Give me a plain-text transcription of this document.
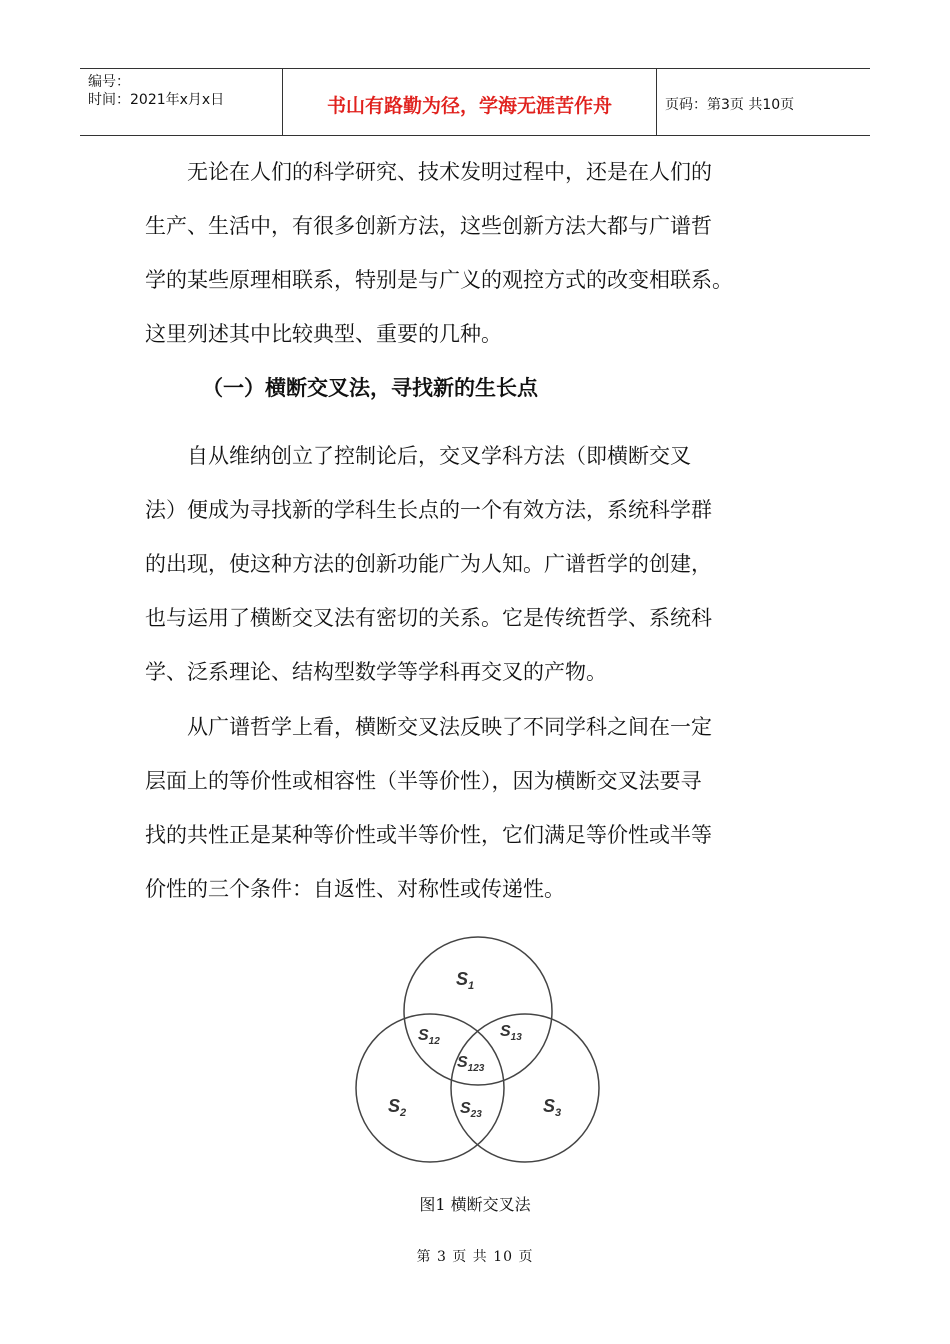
编号：
时间：2021年x月x日	书山有路勤为径，学海无涯苦作舟	页码：第3页 共10页

无论在人们的科学研究、技术发明过程中，还是在人们的

生产、生活中，有很多创新方法，这些创新方法大都与广谱哲

学的某些原理相联系，特别是与广义的观控方式的改变相联系。

这里列述其中比较典型、重要的几种。

（一）横断交叉法，寻找新的生长点

自从维纳创立了控制论后，交叉学科方法（即横断交叉

法）便成为寻找新的学科生长点的一个有效方法，系统科学群

的出现，使这种方法的创新功能广为人知。广谱哲学的创建，

也与运用了横断交叉法有密切的关系。它是传统哲学、系统科

学、泛系理论、结构型数学等学科再交叉的产物。

从广谱哲学上看，横断交叉法反映了不同学科之间在一定

层面上的等价性或相容性（半等价性），因为横断交叉法要寻

找的共性正是某种等价性或半等价性，它们满足等价性或半等

价性的三个条件：自返性、对称性或传递性。

$S_1$
$S_{12}$
$S_{13}$
$S_{123}$
$S_2$	$S_{23}$	$S_3$
图1 横断交叉法
第 3 页 共 10 页
